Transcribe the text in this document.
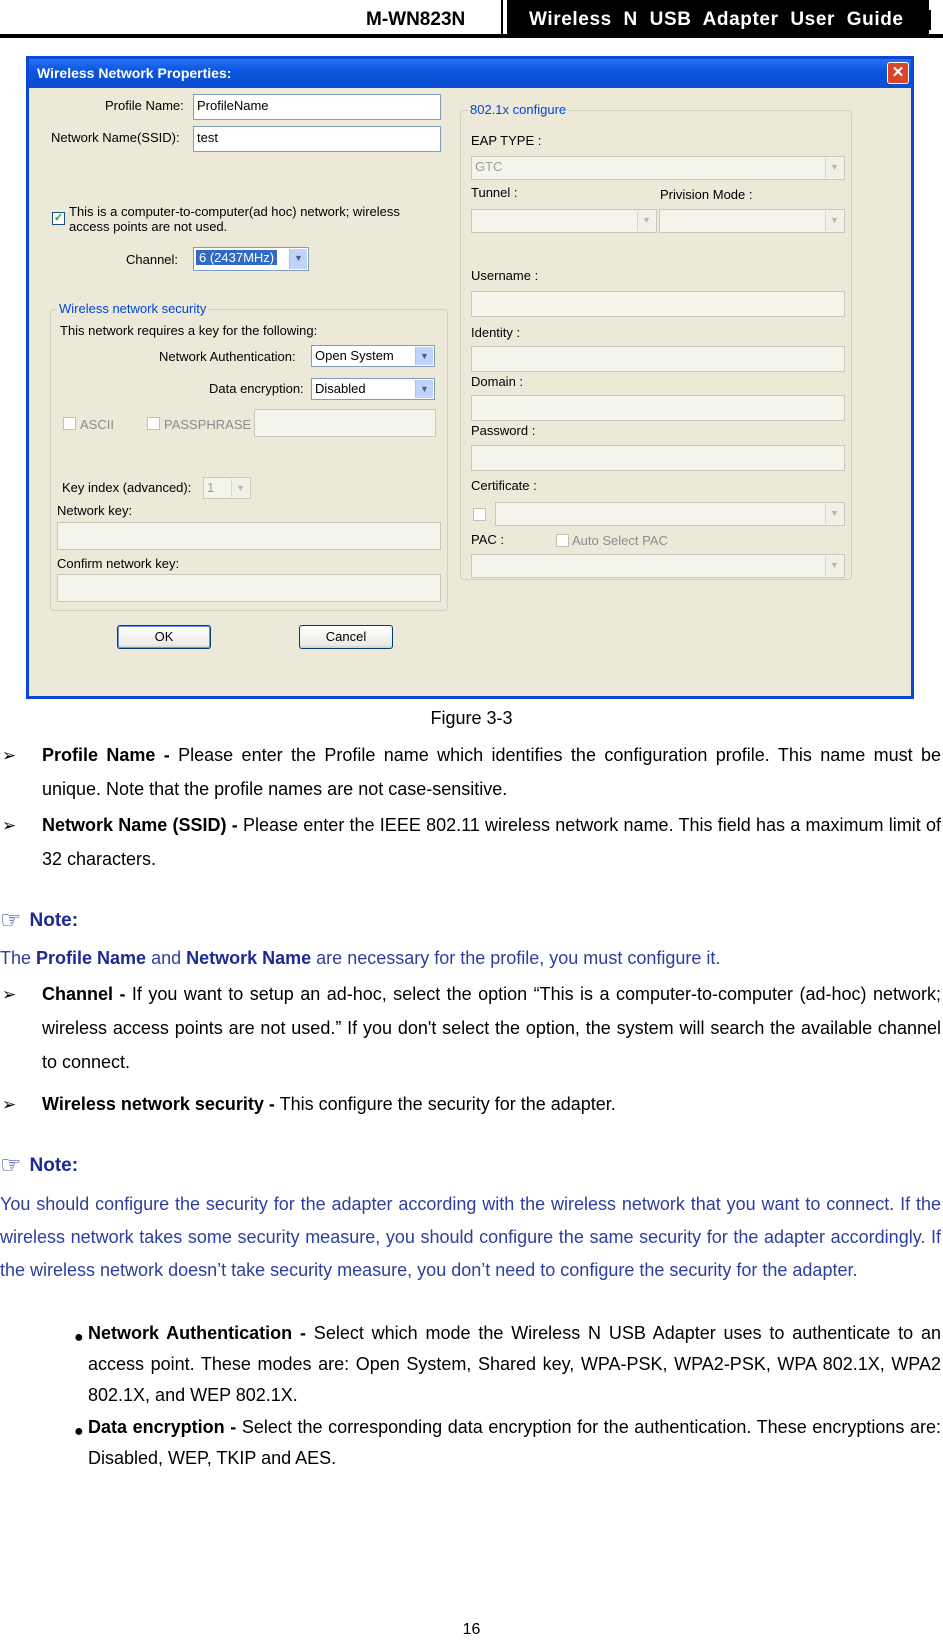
M-WN823N	Wireless  N  USB  Adapter  User  Guide
Wireless Network Properties:	✕
Profile Name:	ProfileName
Network Name(SSID):	test
✓ This is a computer-to-computer(ad hoc) network; wireless
access points are not used.
Channel:	6 (2437MHz)	▼
Wireless network security
This network requires a key for the following:
Network Authentication:	Open System	▼
Data encryption: Disabled	▼
ASCII	PASSPHRASE
Key index (advanced):	1	▼
Network key:
Confirm network key:
802.1x configure
EAP TYPE :
GTC	▼
Tunnel :	Privision Mode :
▼	▼
Username :
Identity :
Domain :
Password :
Certificate :
▼
PAC :	Auto Select PAC
▼
OK	Cancel
Figure 3-3
➢ Profile Name - Please enter the Profile name which identifies the configuration profile. This name must be unique. Note that the profile names are not case-sensitive.
➢ Network Name (SSID) - Please enter the IEEE 802.11 wireless network name. This field has a maximum limit of 32 characters.
☞ Note:
The Profile Name and Network Name are necessary for the profile, you must configure it.
➢ Channel - If you want to setup an ad-hoc, select the option “This is a computer-to-computer (ad-hoc) network; wireless access points are not used.” If you don't select the option, the system will search the available channel to connect.
➢ Wireless network security - This configure the security for the adapter.
☞ Note:
You should configure the security for the adapter according with the wireless network that you want to connect. If the wireless network takes some security measure, you should configure the same security for the adapter accordingly. If the wireless network doesn’t take security measure, you don’t need to configure the security for the adapter.
● Network Authentication - Select which mode the Wireless N USB Adapter uses to authenticate to an access point. These modes are: Open System, Shared key, WPA-PSK, WPA2-PSK, WPA 802.1X, WPA2 802.1X, and WEP 802.1X.
● Data encryption - Select the corresponding data encryption for the authentication. These encryptions are: Disabled, WEP, TKIP and AES.
16
